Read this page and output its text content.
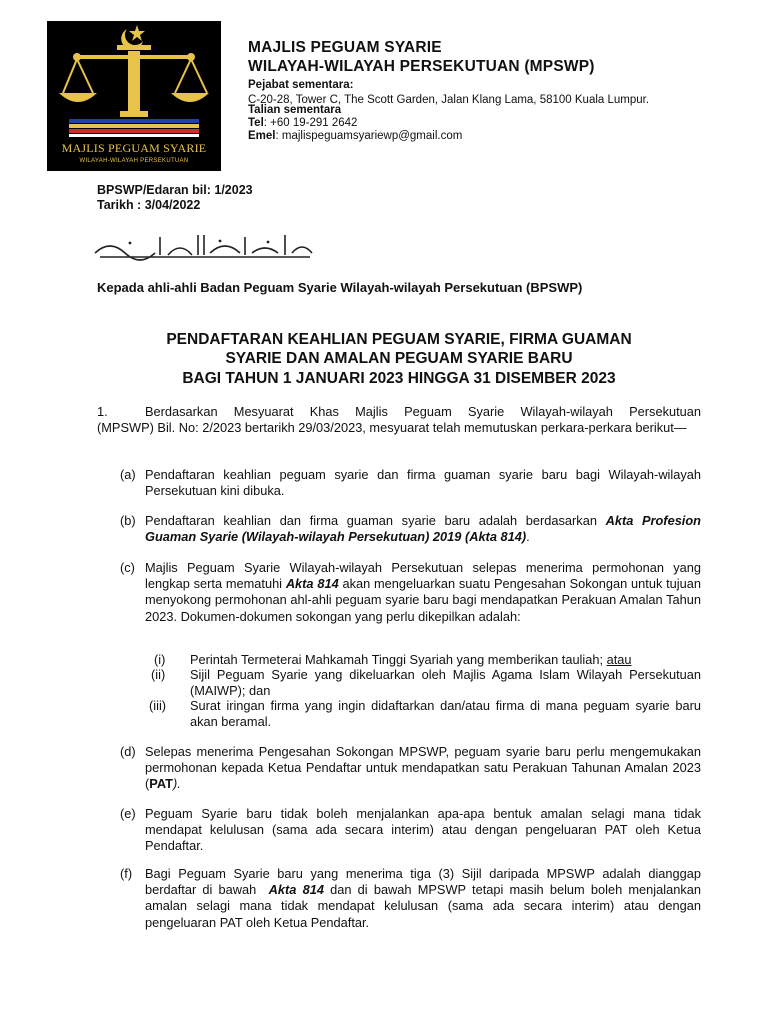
MAJLIS PEGUAM SYARIE
WILAYAH-WILAYAH PERSEKUTUAN
MAJLIS PEGUAM SYARIE
WILAYAH-WILAYAH PERSEKUTUAN (MPSWP)
Pejabat sementara:
C-20-28, Tower C, The Scott Garden, Jalan Klang Lama, 58100 Kuala Lumpur.
Talian sementara
Tel: +60 19-291 2642
Emel: majlispeguamsyariewp@gmail.com
BPSWP/Edaran bil: 1/2023
Tarikh : 3/04/2022
Kepada ahli-ahli Badan Peguam Syarie Wilayah-wilayah Persekutuan (BPSWP)
PENDAFTARAN KEAHLIAN PEGUAM SYARIE, FIRMA GUAMAN
SYARIE DAN AMALAN PEGUAM SYARIE BARU
BAGI TAHUN 1 JANUARI 2023 HINGGA 31 DISEMBER 2023
1.	Berdasarkan Mesyuarat Khas Majlis Peguam Syarie Wilayah-wilayah Persekutuan
(MPSWP) Bil. No: 2/2023 bertarikh 29/03/2023, mesyuarat telah memutuskan perkara-perkara berikut—
(a) Pendaftaran keahlian peguam syarie dan firma guaman syarie baru bagi Wilayah-wilayah Persekutuan kini dibuka.
(b) Pendaftaran keahlian dan firma guaman syarie baru adalah berdasarkan Akta Profesion Guaman Syarie (Wilayah-wilayah Persekutuan) 2019 (Akta 814).
(c) Majlis Peguam Syarie Wilayah-wilayah Persekutuan selepas menerima permohonan yang lengkap serta mematuhi Akta 814 akan mengeluarkan suatu Pengesahan Sokongan untuk tujuan menyokong permohonan ahl-ahli peguam syarie baru bagi mendapatkan Perakuan Amalan Tahun 2023. Dokumen-dokumen sokongan yang perlu dikepilkan adalah:
(i) Perintah Termeterai Mahkamah Tinggi Syariah yang memberikan tauliah; atau
(ii) Sijil Peguam Syarie yang dikeluarkan oleh Majlis Agama Islam Wilayah Persekutuan (MAIWP); dan
(iii) Surat iringan firma yang ingin didaftarkan dan/atau firma di mana peguam syarie baru akan beramal.
(d) Selepas menerima Pengesahan Sokongan MPSWP, peguam syarie baru perlu mengemukakan permohonan kepada Ketua Pendaftar untuk mendapatkan satu Perakuan Tahunan Amalan 2023 (PAT).
(e) Peguam Syarie baru tidak boleh menjalankan apa-apa bentuk amalan selagi mana tidak mendapat kelulusan (sama ada secara interim) atau dengan pengeluaran PAT oleh Ketua Pendaftar.
(f) Bagi Peguam Syarie baru yang menerima tiga (3) Sijil daripada MPSWP adalah dianggap berdaftar di bawah  Akta 814 dan di bawah MPSWP tetapi masih belum boleh menjalankan amalan selagi mana tidak mendapat kelulusan (sama ada secara interim) atau dengan pengeluaran PAT oleh Ketua Pendaftar.
